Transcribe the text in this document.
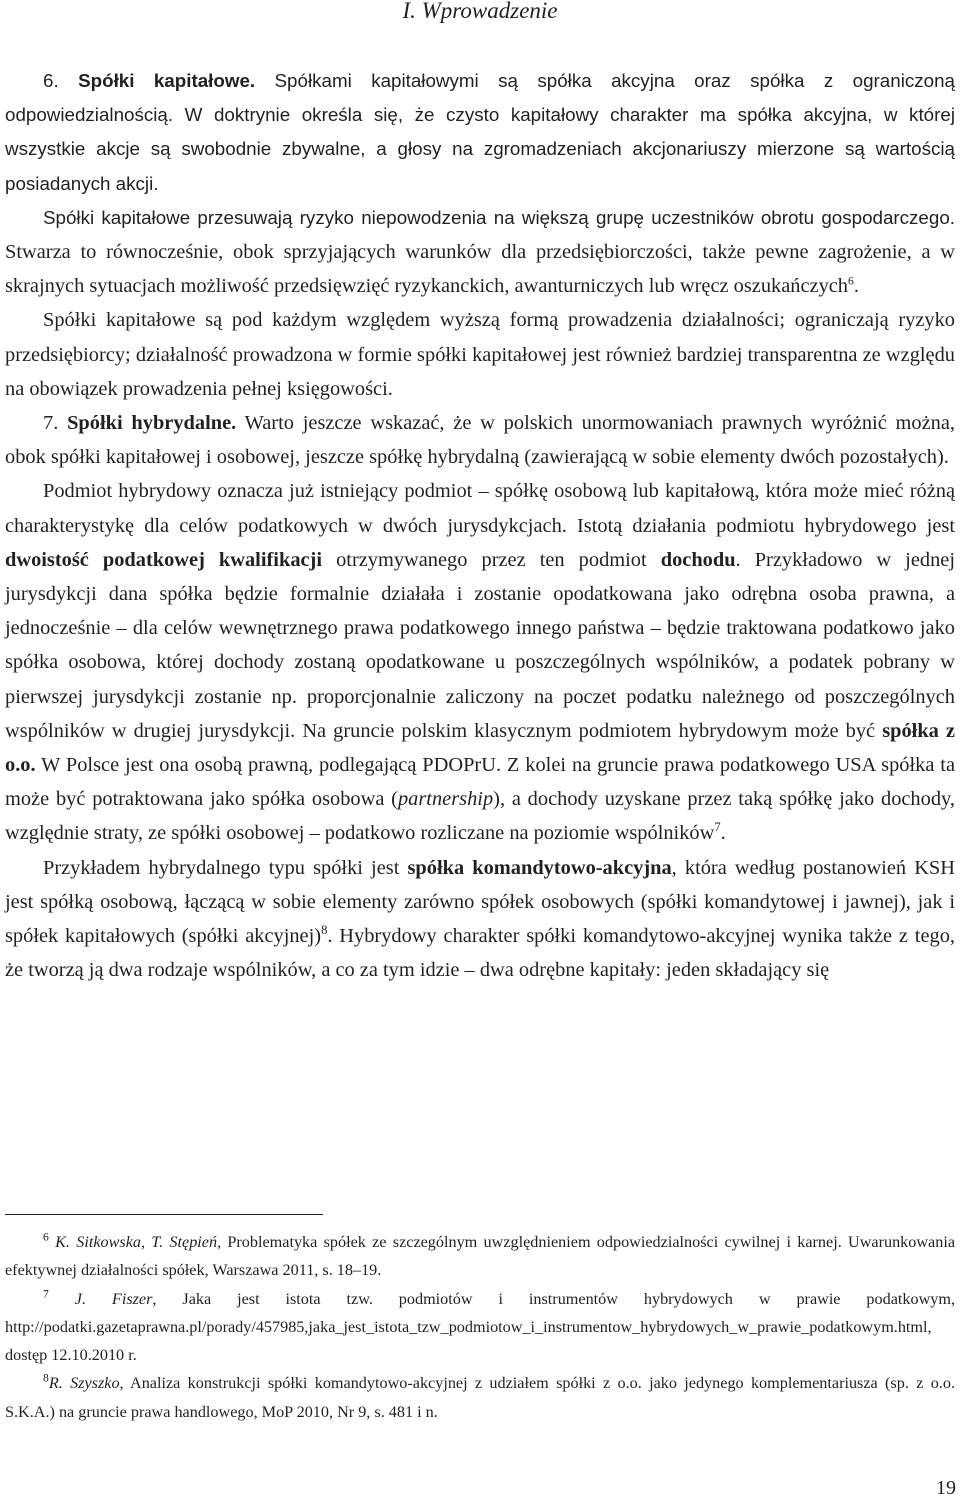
I. Wprowadzenie

6. Spółki kapitałowe. Spółkami kapitałowymi są spółka akcyjna oraz spółka z ograniczoną odpowiedzialnością. W doktrynie określa się, że czysto kapitałowy charakter ma spółka akcyjna, w której wszystkie akcje są swobodnie zbywalne, a głosy na zgromadzeniach akcjonariuszy mierzone są wartością posiadanych akcji.

Spółki kapitałowe przesuwają ryzyko niepowodzenia na większą grupę uczestników obrotu gospodarczego. Stwarza to równocześnie, obok sprzyjających warunków dla przedsiębiorczości, także pewne zagrożenie, a w skrajnych sytuacjach możliwość przedsięwzięć ryzykanckich, awanturniczych lub wręcz oszukańczych$^6$.

Spółki kapitałowe są pod każdym względem wyższą formą prowadzenia działalności; ograniczają ryzyko przedsiębiorcy; działalność prowadzona w formie spółki kapitałowej jest również bardziej transparentna ze względu na obowiązek prowadzenia pełnej księgowości.

7. Spółki hybrydalne. Warto jeszcze wskazać, że w polskich unormowaniach prawnych wyróżnić można, obok spółki kapitałowej i osobowej, jeszcze spółkę hybrydalną (zawierającą w sobie elementy dwóch pozostałych).

Podmiot hybrydowy oznacza już istniejący podmiot – spółkę osobową lub kapitałową, która może mieć różną charakterystykę dla celów podatkowych w dwóch jurysdykcjach. Istotą działania podmiotu hybrydowego jest dwoistość podatkowej kwalifikacji otrzymywanego przez ten podmiot dochodu. Przykładowo w jednej jurysdykcji dana spółka będzie formalnie działała i zostanie opodatkowana jako odrębna osoba prawna, a jednocześnie – dla celów wewnętrznego prawa podatkowego innego państwa – będzie traktowana podatkowo jako spółka osobowa, której dochody zostaną opodatkowane u poszczególnych wspólników, a podatek pobrany w pierwszej jurysdykcji zostanie np. proporcjonalnie zaliczony na poczet podatku należnego od poszczególnych wspólników w drugiej jurysdykcji. Na gruncie polskim klasycznym podmiotem hybrydowym może być spółka z o.o. W Polsce jest ona osobą prawną, podlegającą PDOPrU. Z kolei na gruncie prawa podatkowego USA spółka ta może być potraktowana jako spółka osobowa (partnership), a dochody uzyskane przez taką spółkę jako dochody, względnie straty, ze spółki osobowej – podatkowo rozliczane na poziomie wspólników$^7$.

Przykładem hybrydalnego typu spółki jest spółka komandytowo-akcyjna, która według postanowień KSH jest spółką osobową, łączącą w sobie elementy zarówno spółek osobowych (spółki komandytowej i jawnej), jak i spółek kapitałowych (spółki akcyjnej)$^8$. Hybrydowy charakter spółki komandytowo-akcyjnej wynika także z tego, że tworzą ją dwa rodzaje wspólników, a co za tym idzie – dwa odrębne kapitały: jeden składający się

$^6$ K. Sitkowska, T. Stępień, Problematyka spółek ze szczególnym uwzględnieniem odpowiedzialności cywilnej i karnej. Uwarunkowania efektywnej działalności spółek, Warszawa 2011, s. 18–19.

$^7$ J. Fiszer, Jaka jest istota tzw. podmiotów i instrumentów hybrydowych w prawie podatkowym, http://podatki.gazetaprawna.pl/porady/457985,jaka_jest_istota_tzw_podmiotow_i_instrumentow_hybrydowych_w_prawie_podatkowym.html, dostęp 12.10.2010 r.

$^8$R. Szyszko, Analiza konstrukcji spółki komandytowo-akcyjnej z udziałem spółki z o.o. jako jedynego komplementariusza (sp. z o.o. S.K.A.) na gruncie prawa handlowego, MoP 2010, Nr 9, s. 481 i n.

19
